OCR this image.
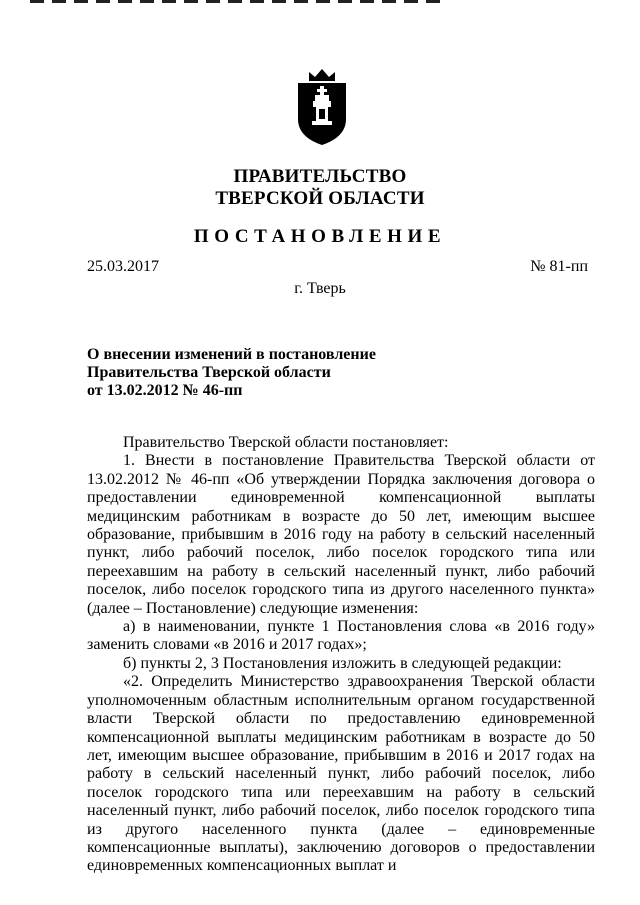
ПРАВИТЕЛЬСТВО
ТВЕРСКОЙ ОБЛАСТИ
ПОСТАНОВЛЕНИЕ
25.03.2017	№ 81-пп
г. Тверь
О внесении изменений в постановление
Правительства Тверской области
от 13.02.2012 № 46-пп

Правительство Тверской области постановляет:

1. Внести в постановление Правительства Тверской области от 13.02.2012 № 46-пп «Об утверждении Порядка заключения договора о предоставлении единовременной компенсационной выплаты медицинским работникам в возрасте до 50 лет, имеющим высшее образование, прибывшим в 2016 году на работу в сельский населенный пункт, либо рабочий поселок, либо поселок городского типа или переехавшим на работу в сельский населенный пункт, либо рабочий поселок, либо поселок городского типа из другого населенного пункта» (далее – Постановление) следующие изменения:

а) в наименовании, пункте 1 Постановления слова «в 2016 году» заменить словами «в 2016 и 2017 годах»;

б) пункты 2, 3 Постановления изложить в следующей редакции:

«2. Определить Министерство здравоохранения Тверской области уполномоченным областным исполнительным органом государственной власти Тверской области по предоставлению единовременной компенсационной выплаты медицинским работникам в возрасте до 50 лет, имеющим высшее образование, прибывшим в 2016 и 2017 годах на работу в сельский населенный пункт, либо рабочий поселок, либо поселок городского типа или переехавшим на работу в сельский населенный пункт, либо рабочий поселок, либо поселок городского типа из другого населенного пункта (далее – единовременные компенсационные выплаты), заключению договоров о предоставлении единовременных компенсационных выплат и
